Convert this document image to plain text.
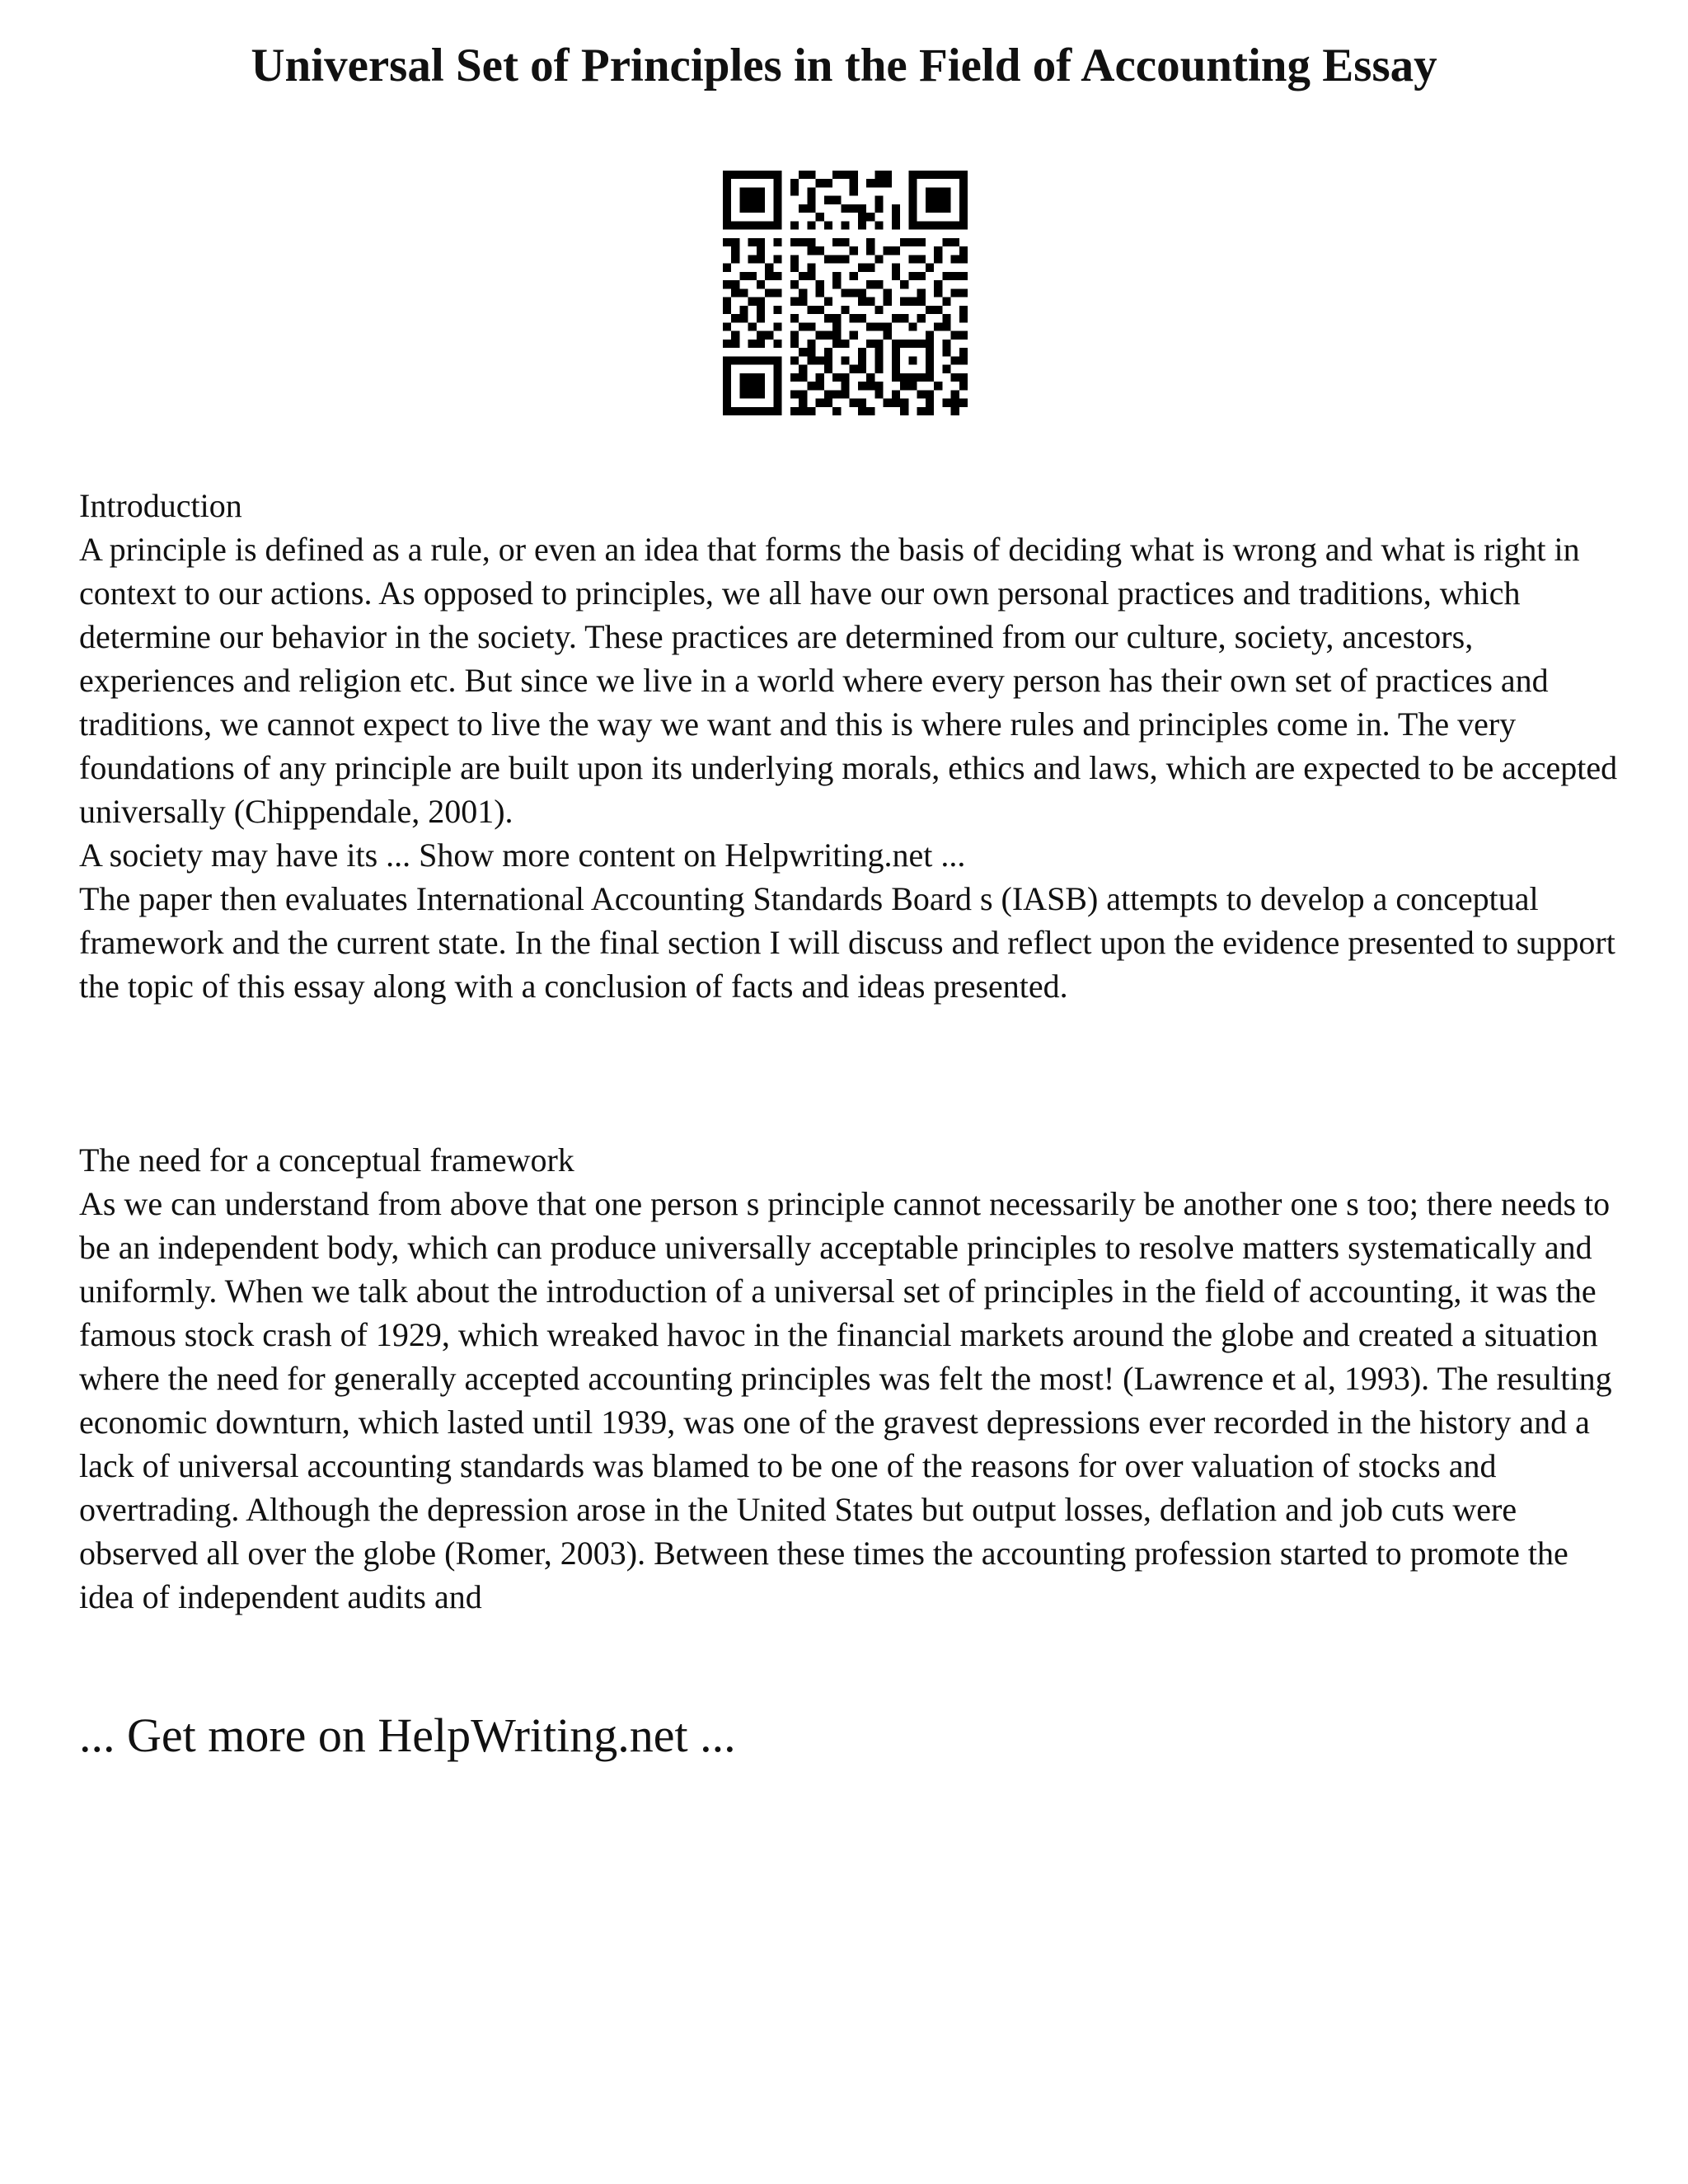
Universal Set of Principles in the Field of Accounting Essay

Introduction

A principle is defined as a rule, or even an idea that forms the basis of deciding what is wrong and what is right in context to our actions. As opposed to principles, we all have our own personal practices and traditions, which determine our behavior in the society. These practices are determined from our culture, society, ancestors, experiences and religion etc. But since we live in a world where every person has their own set of practices and traditions, we cannot expect to live the way we want and this is where rules and principles come in. The very foundations of any principle are built upon its underlying morals, ethics and laws, which are expected to be accepted universally (Chippendale, 2001).

A society may have its ... Show more content on Helpwriting.net ...

The paper then evaluates International Accounting Standards Board s (IASB) attempts to develop a conceptual framework and the current state. In the final section I will discuss and reflect upon the evidence presented to support the topic of this essay along with a conclusion of facts and ideas presented.

The need for a conceptual framework

As we can understand from above that one person s principle cannot necessarily be another one s too; there needs to be an independent body, which can produce universally acceptable principles to resolve matters systematically and uniformly. When we talk about the introduction of a universal set of principles in the field of accounting, it was the famous stock crash of 1929, which wreaked havoc in the financial markets around the globe and created a situation where the need for generally accepted accounting principles was felt the most! (Lawrence et al, 1993). The resulting economic downturn, which lasted until 1939, was one of the gravest depressions ever recorded in the history and a lack of universal accounting standards was blamed to be one of the reasons for over valuation of stocks and overtrading. Although the depression arose in the United States but output losses, deflation and job cuts were observed all over the globe (Romer, 2003). Between these times the accounting profession started to promote the idea of independent audits and

... Get more on HelpWriting.net ...
